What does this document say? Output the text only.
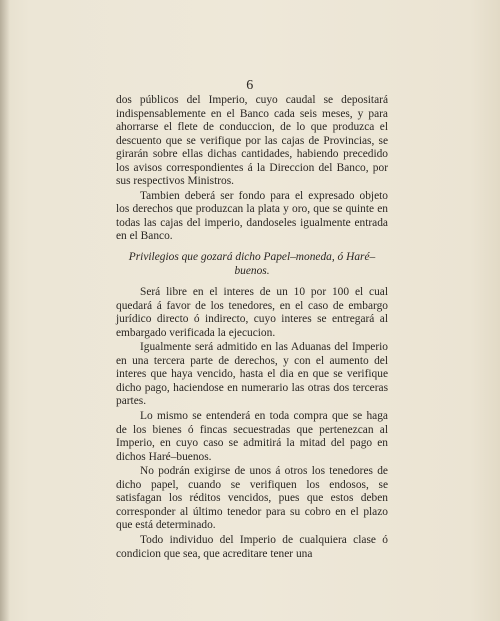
6

dos públicos del Imperio, cuyo caudal se depositará indispensablemente en el Banco cada seis meses, y para ahorrarse el flete de conduccion, de lo que produzca el descuento que se verifique por las cajas de Provincias, se girarán sobre ellas dichas cantidades, habiendo precedido los avisos correspondientes á la Direccion del Banco, por sus respectivos Ministros.

Tambien deberá ser fondo para el expresado objeto los derechos que produzcan la plata y oro, que se quinte en todas las cajas del imperio, dandoseles igualmente entrada en el Banco.

Privilegios que gozará dicho Papel–moneda, ó Haré–buenos.

Será libre en el interes de un 10 por 100 el cual quedará á favor de los tenedores, en el caso de embargo jurídico directo ó indirecto, cuyo interes se entregará al embargado verificada la ejecucion.

Igualmente será admitido en las Aduanas del Imperio en una tercera parte de derechos, y con el aumento del interes que haya vencido, hasta el dia en que se verifique dicho pago, haciendose en numerario las otras dos terceras partes.

Lo mismo se entenderá en toda compra que se haga de los bienes ó fincas secuestradas que pertenezcan al Imperio, en cuyo caso se admitirá la mitad del pago en dichos Haré–buenos.

No podrán exigirse de unos á otros los tenedores de dicho papel, cuando se verifiquen los endosos, se satisfagan los réditos vencidos, pues que estos deben corresponder al último tenedor para su cobro en el plazo que está determinado.

Todo individuo del Imperio de cualquiera clase ó condicion que sea, que acreditare tener una
